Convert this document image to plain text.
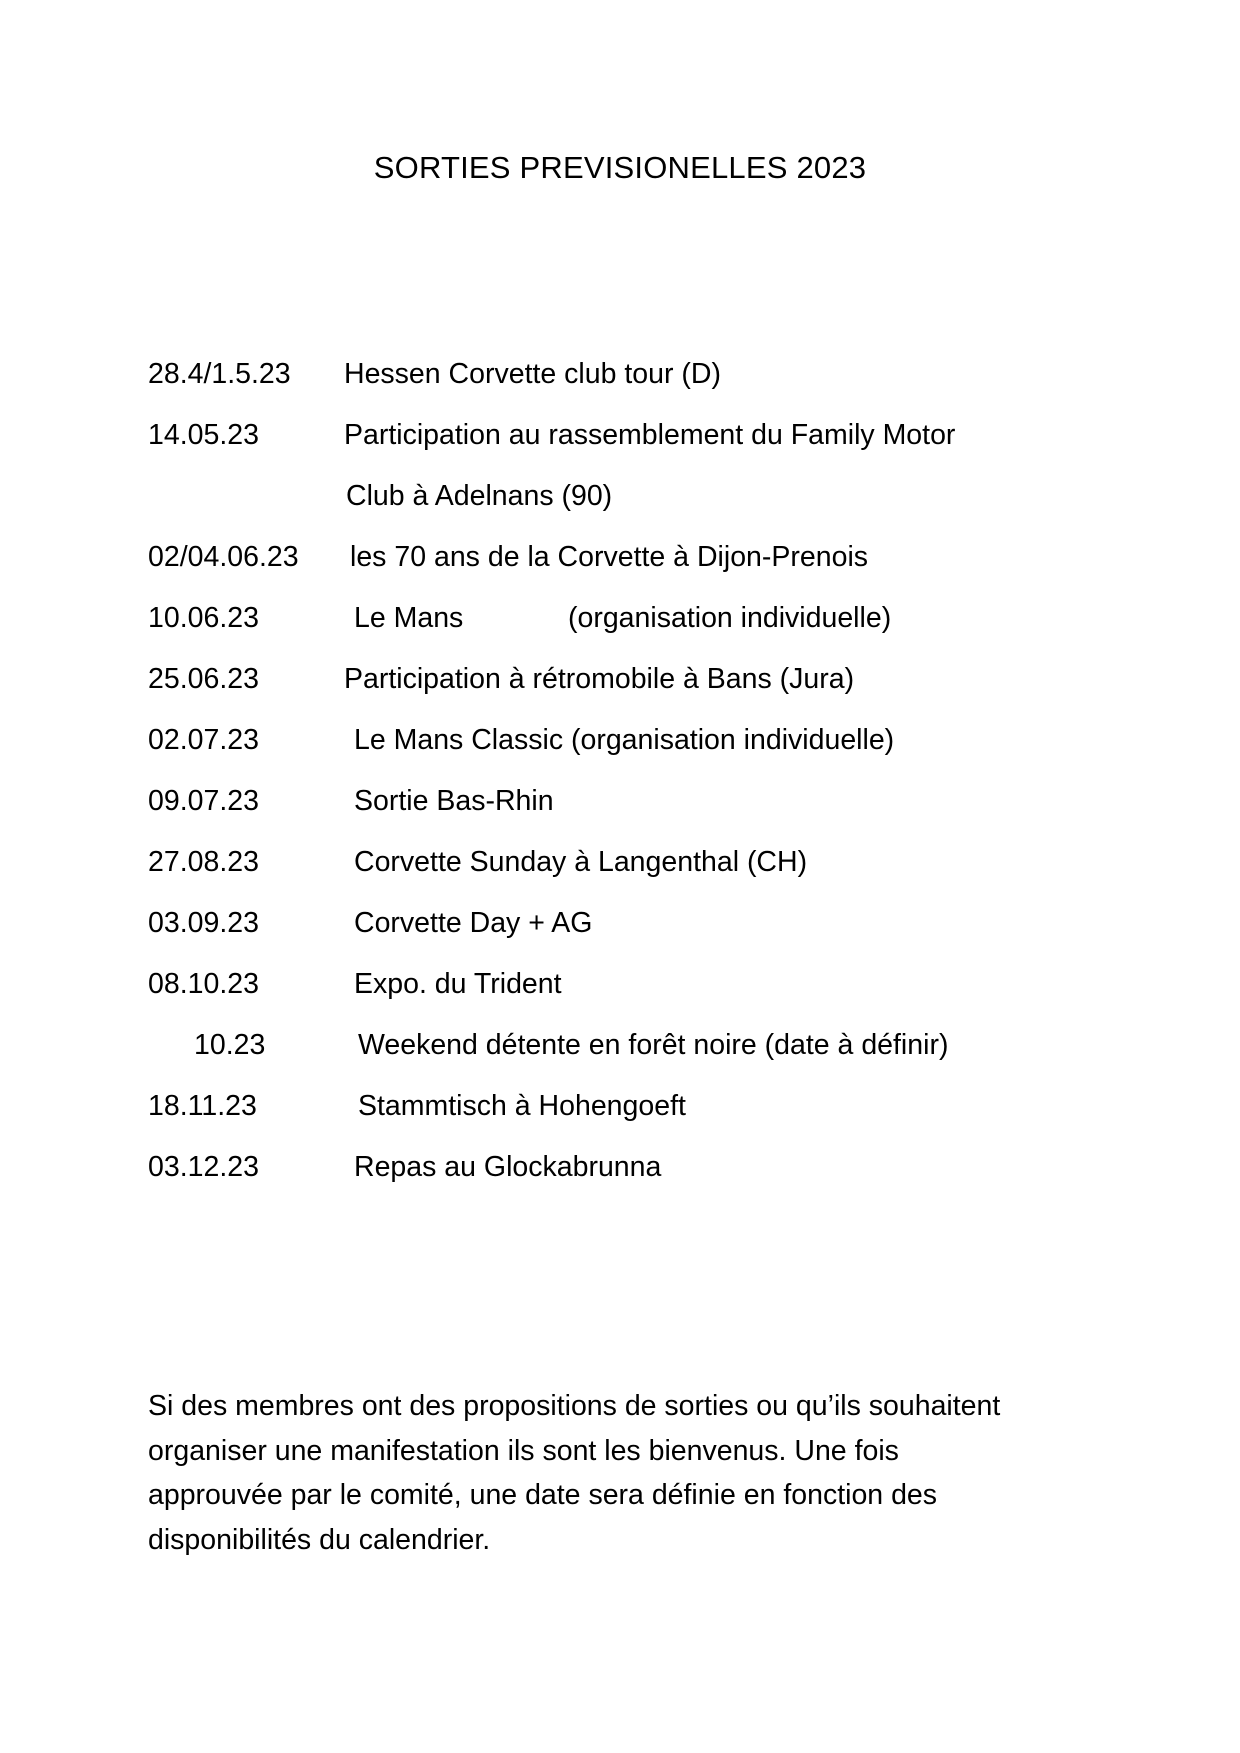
SORTIES PREVISIONELLES 2023
28.4/1.5.23 Hessen Corvette club tour (D)
14.05.23	Participation au rassemblement du Family Motor
Club à Adelnans (90)
02/04.06.23 les 70 ans de la Corvette à Dijon-Prenois
10.06.23	Le Mans	(organisation individuelle)
25.06.23	Participation à rétromobile à Bans (Jura)
02.07.23	Le Mans Classic (organisation individuelle)
09.07.23	Sortie Bas-Rhin
27.08.23	Corvette Sunday à Langenthal (CH)
03.09.23	Corvette Day + AG
08.10.23	Expo. du Trident
10.23	Weekend détente en forêt noire (date à définir)
18.11.23	Stammtisch à Hohengoeft
03.12.23	Repas au Glockabrunna
Si des membres ont des propositions de sorties ou qu’ils souhaitent
organiser une manifestation ils sont les bienvenus. Une fois
approuvée par le comité, une date sera définie en fonction des
disponibilités du calendrier.
